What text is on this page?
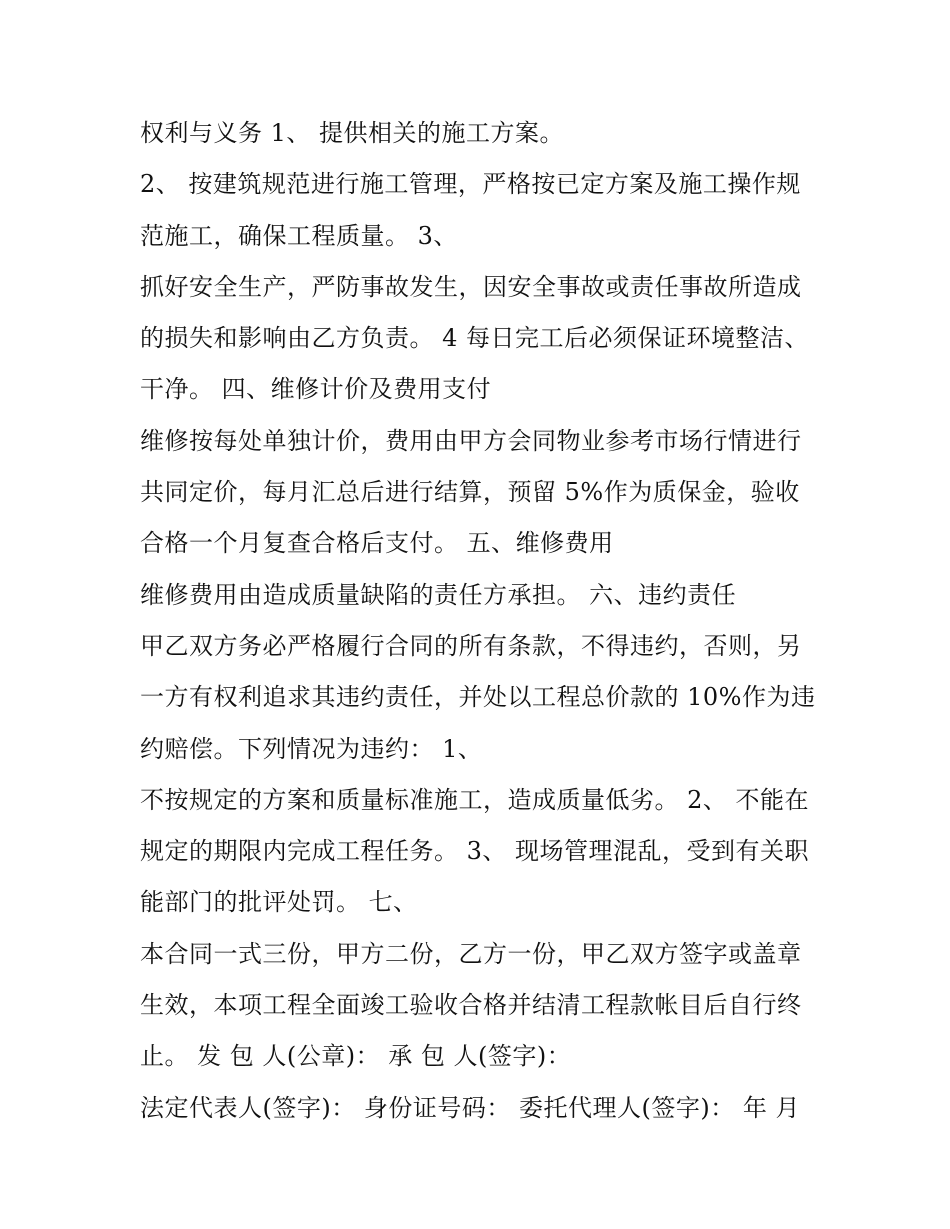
权利与义务 1、 提供相关的施工方案。
2、 按建筑规范进行施工管理，严格按已定方案及施工操作规
范施工，确保工程质量。 3、
抓好安全生产，严防事故发生，因安全事故或责任事故所造成
的损失和影响由乙方负责。 4 每日完工后必须保证环境整洁、
干净。 四、维修计价及费用支付
维修按每处单独计价，费用由甲方会同物业参考市场行情进行
共同定价，每月汇总后进行结算，预留 5%作为质保金，验收
合格一个月复查合格后支付。 五、维修费用
维修费用由造成质量缺陷的责任方承担。 六、违约责任
甲乙双方务必严格履行合同的所有条款，不得违约，否则，另
一方有权利追求其违约责任，并处以工程总价款的 10%作为违
约赔偿。下列情况为违约： 1、
不按规定的方案和质量标准施工，造成质量低劣。 2、 不能在
规定的期限内完成工程任务。 3、 现场管理混乱，受到有关职
能部门的批评处罚。 七、
本合同一式三份，甲方二份，乙方一份，甲乙双方签字或盖章
生效，本项工程全面竣工验收合格并结清工程款帐目后自行终
止。 发 包 人(公章)： 承 包 人(签字)：
法定代表人(签字)： 身份证号码： 委托代理人(签字)： 年 月
